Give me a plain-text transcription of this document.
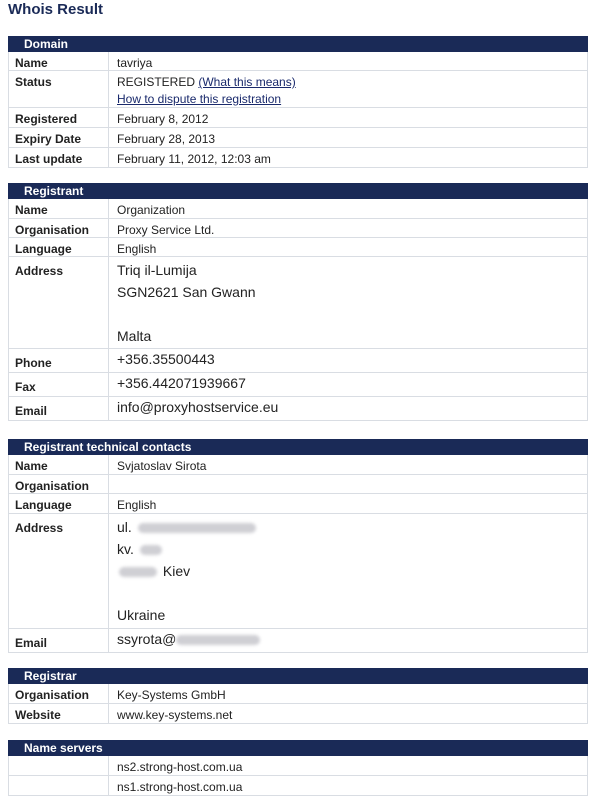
Whois Result
Domain
Name	tavriya
Status	REGISTERED (What this means)
How to dispute this registration
Registered	February 8, 2012
Expiry Date	February 28, 2013
Last update	February 11, 2012, 12:03 am
Registrant
Name	Organization
Organisation	Proxy Service Ltd.
Language	English
Address	Triq il-Lumija
SGN2621 San Gwann
Malta
Phone	+356.35500443
Fax	+356.442071939667
Email	info@proxyhostservice.eu
Registrant technical contacts
Name	Svjatoslav Sirota
Organisation
Language	English
Address	ul.
kv.
Kiev
Ukraine
Email	ssyrota@
Registrar
Organisation	Key-Systems GmbH
Website	www.key-systems.net
Name servers
ns2.strong-host.com.ua
ns1.strong-host.com.ua
